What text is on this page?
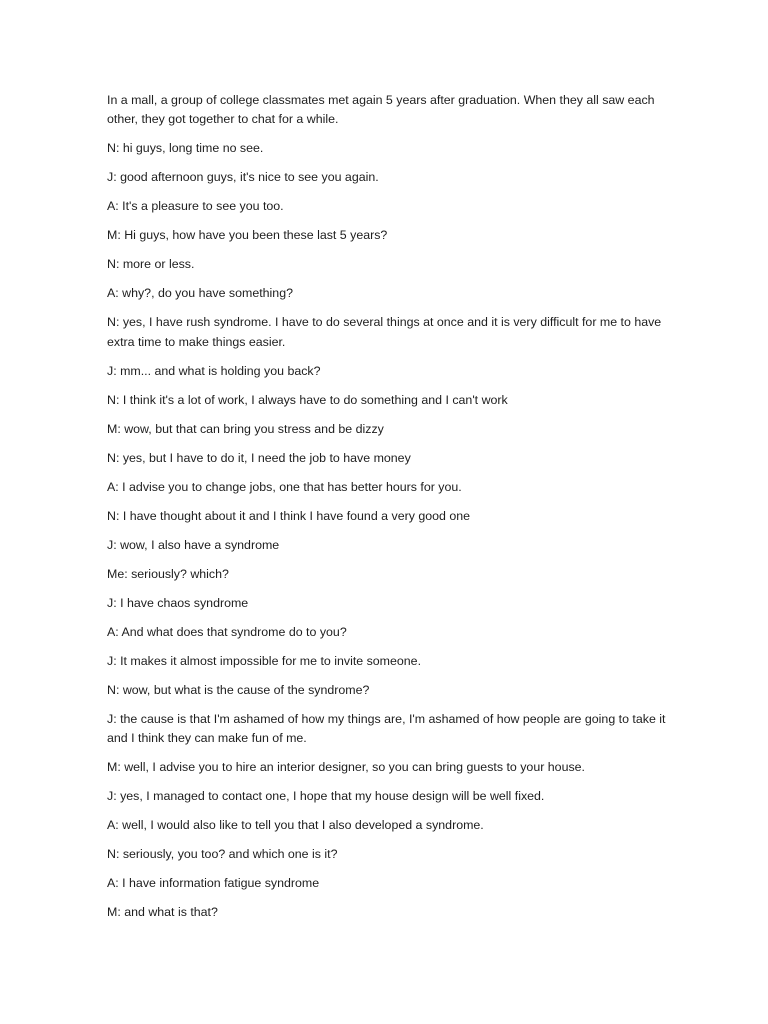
In a mall, a group of college classmates met again 5 years after graduation. When they all saw each other, they got together to chat for a while.

N: hi guys, long time no see.

J: good afternoon guys, it's nice to see you again.

A: It's a pleasure to see you too.

M: Hi guys, how have you been these last 5 years?

N: more or less.

A: why?, do you have something?

N: yes, I have rush syndrome. I have to do several things at once and it is very difficult for me to have extra time to make things easier.

J: mm... and what is holding you back?

N: I think it's a lot of work, I always have to do something and I can't work

M: wow, but that can bring you stress and be dizzy

N: yes, but I have to do it, I need the job to have money

A: I advise you to change jobs, one that has better hours for you.

N: I have thought about it and I think I have found a very good one

J: wow, I also have a syndrome

Me: seriously? which?

J: I have chaos syndrome

A: And what does that syndrome do to you?

J: It makes it almost impossible for me to invite someone.

N: wow, but what is the cause of the syndrome?

J: the cause is that I'm ashamed of how my things are, I'm ashamed of how people are going to take it and I think they can make fun of me.

M: well, I advise you to hire an interior designer, so you can bring guests to your house.

J: yes, I managed to contact one, I hope that my house design will be well fixed.

A: well, I would also like to tell you that I also developed a syndrome.

N: seriously, you too? and which one is it?

A: I have information fatigue syndrome

M: and what is that?
